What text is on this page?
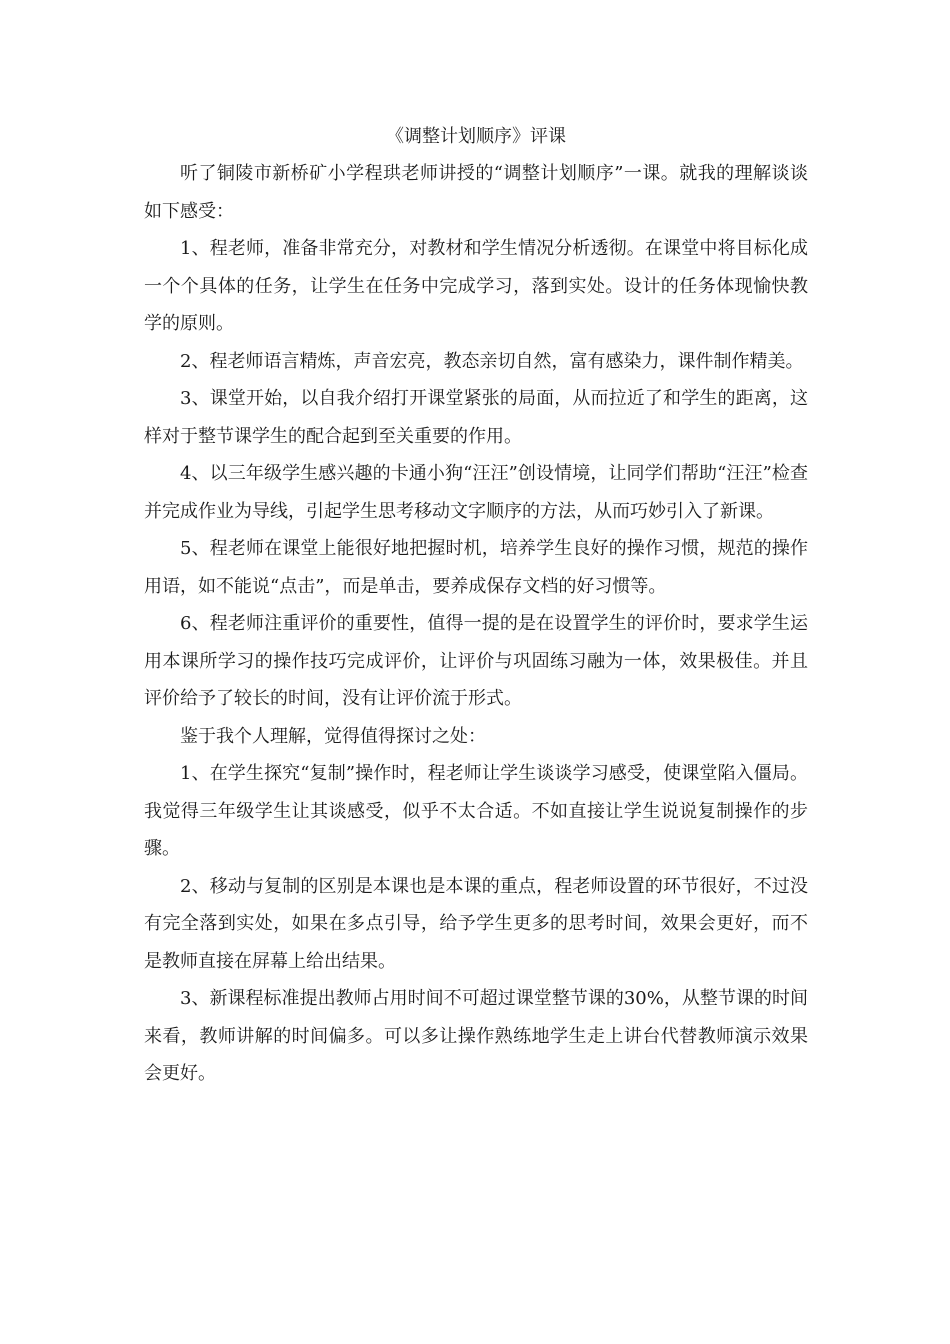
《调整计划顺序》评课

听了铜陵市新桥矿小学程珙老师讲授的“调整计划顺序”一课。就我的理解谈谈如下感受：

1、程老师，准备非常充分，对教材和学生情况分析透彻。在课堂中将目标化成一个个具体的任务，让学生在任务中完成学习，落到实处。设计的任务体现愉快教学的原则。

2、程老师语言精炼，声音宏亮，教态亲切自然，富有感染力，课件制作精美。

3、课堂开始，以自我介绍打开课堂紧张的局面，从而拉近了和学生的距离，这样对于整节课学生的配合起到至关重要的作用。

4、以三年级学生感兴趣的卡通小狗“汪汪”创设情境，让同学们帮助“汪汪”检查并完成作业为导线，引起学生思考移动文字顺序的方法，从而巧妙引入了新课。

5、程老师在课堂上能很好地把握时机，培养学生良好的操作习惯，规范的操作用语，如不能说“点击”，而是单击，要养成保存文档的好习惯等。

6、程老师注重评价的重要性，值得一提的是在设置学生的评价时，要求学生运用本课所学习的操作技巧完成评价，让评价与巩固练习融为一体，效果极佳。并且评价给予了较长的时间，没有让评价流于形式。

鉴于我个人理解，觉得值得探讨之处：

1、在学生探究“复制”操作时，程老师让学生谈谈学习感受，使课堂陷入僵局。我觉得三年级学生让其谈感受，似乎不太合适。不如直接让学生说说复制操作的步骤。

2、移动与复制的区别是本课也是本课的重点，程老师设置的环节很好，不过没有完全落到实处，如果在多点引导，给予学生更多的思考时间，效果会更好，而不是教师直接在屏幕上给出结果。

3、新课程标准提出教师占用时间不可超过课堂整节课的30%，从整节课的时间来看，教师讲解的时间偏多。可以多让操作熟练地学生走上讲台代替教师演示效果会更好。
